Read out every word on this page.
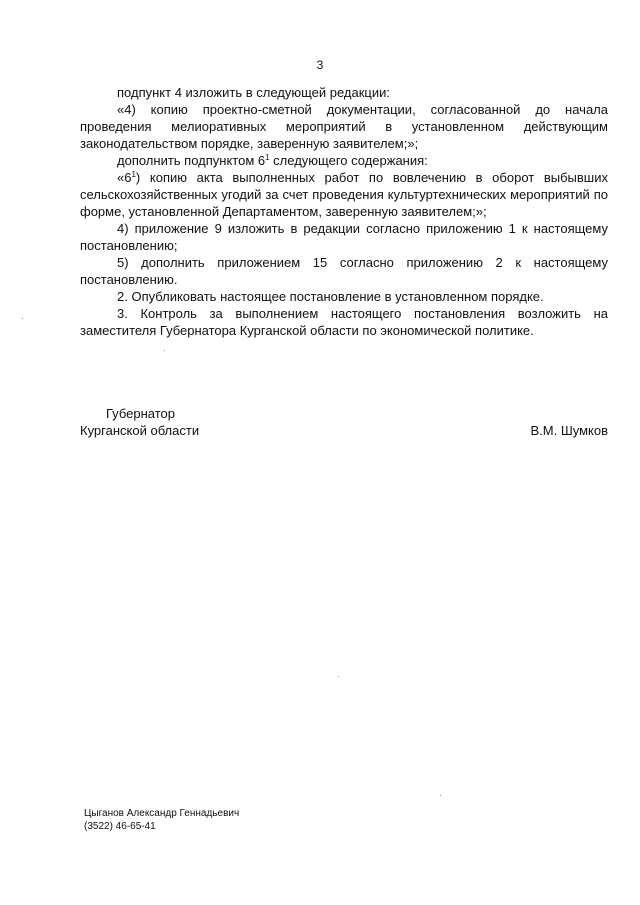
3

подпункт 4 изложить в следующей редакции:

«4) копию проектно-сметной документации, согласованной до начала проведения мелиоративных мероприятий в установленном действующим законодательством порядке, заверенную заявителем;»;

дополнить подпунктом $6^1$ следующего содержания:

«$6^1$) копию акта выполненных работ по вовлечению в оборот выбывших сельскохозяйственных угодий за счет проведения культуртехнических мероприятий по форме, установленной Департаментом, заверенную заявителем;»;

4) приложение 9 изложить в редакции согласно приложению 1 к настоящему постановлению;

5) дополнить приложением 15 согласно приложению 2 к настоящему постановлению.

2. Опубликовать настоящее постановление в установленном порядке.

3. Контроль за выполнением настоящего постановления возложить на заместителя Губернатора Курганской области по экономической политике.

Губернатор
Курганской области	В.М. Шумков
Цыганов Александр Геннадьевич
(3522) 46-65-41
